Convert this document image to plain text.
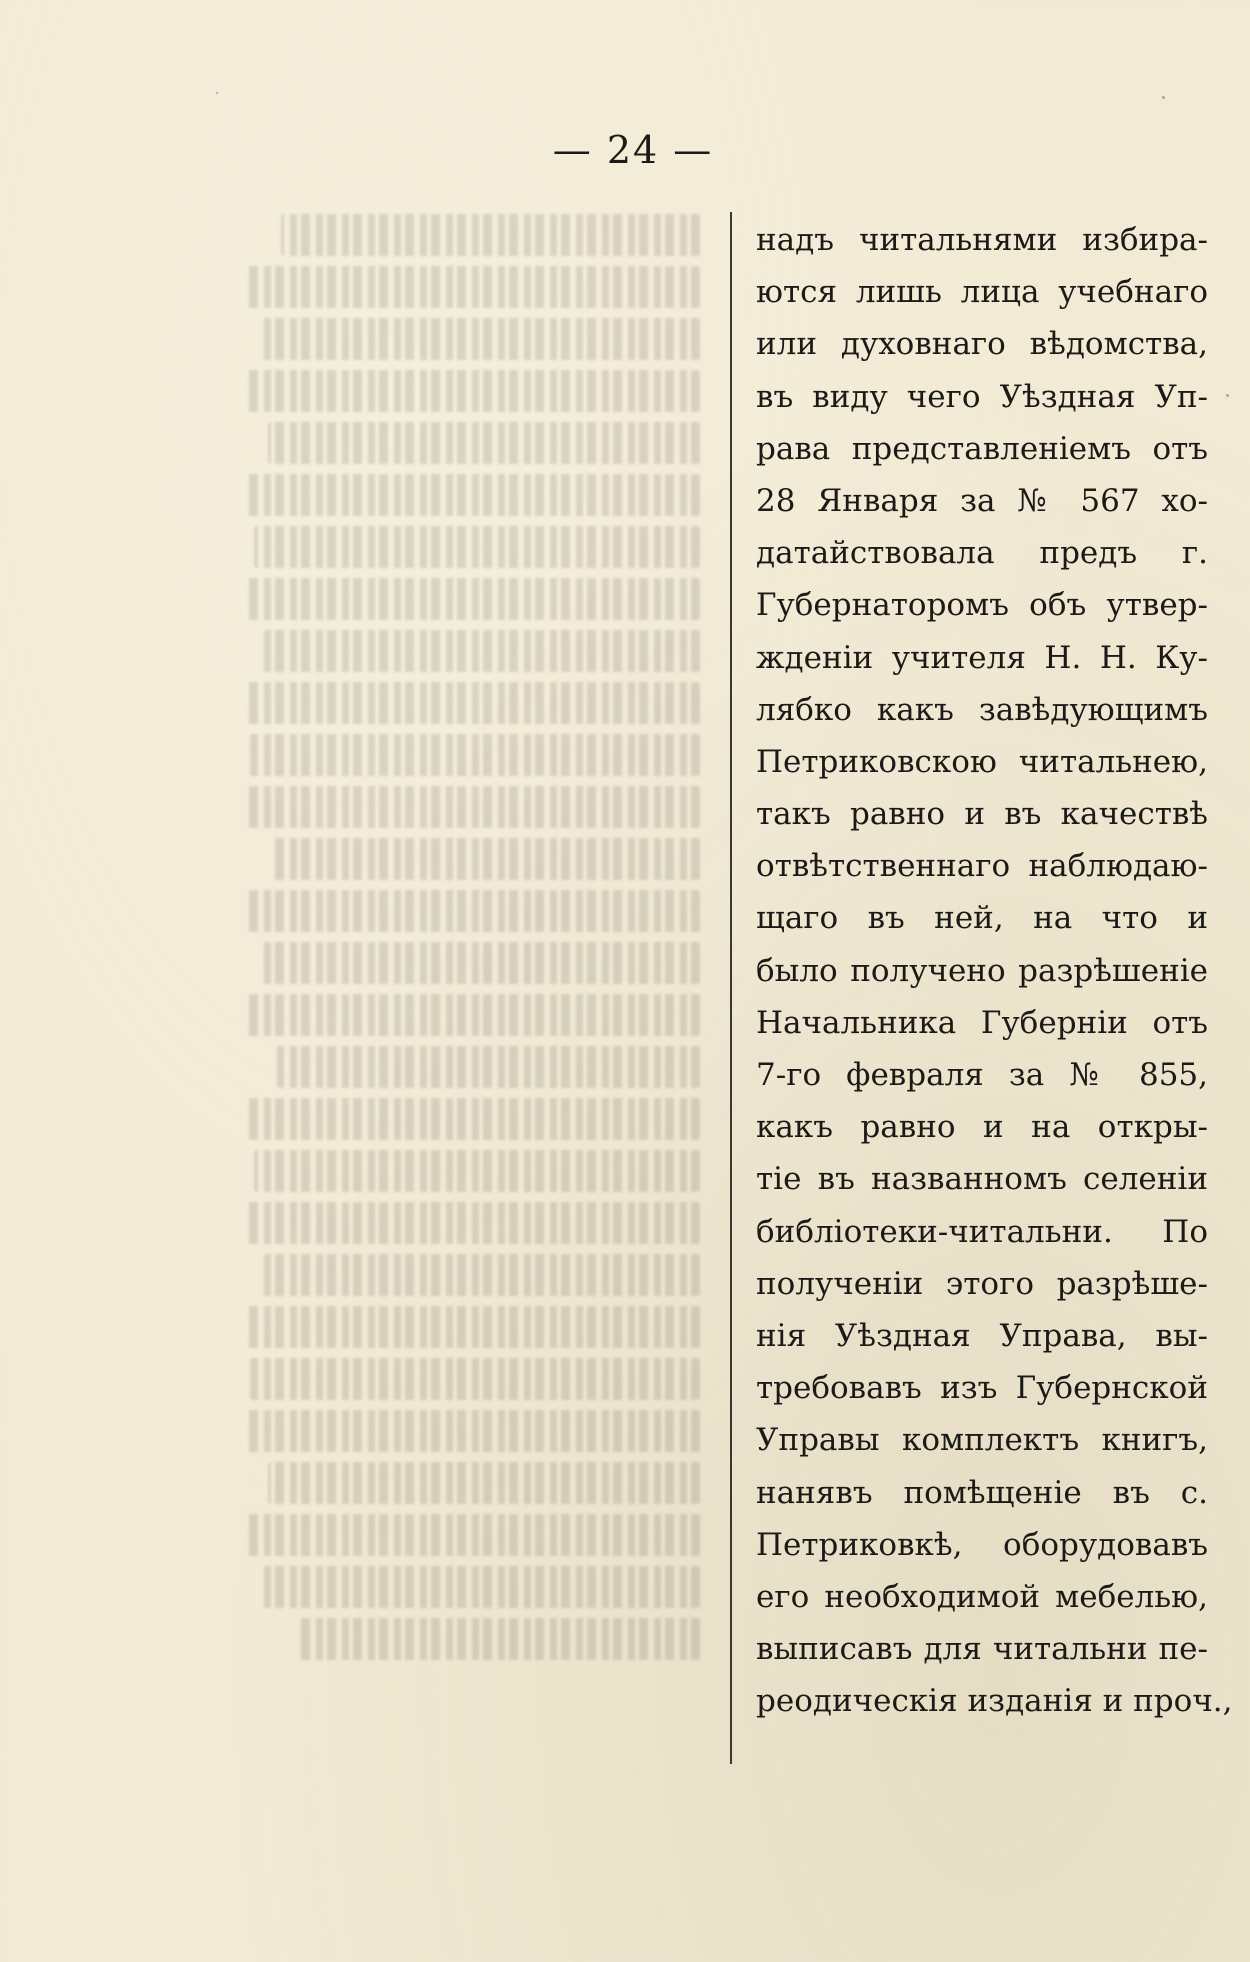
— 24 —
надъ читальнями избира-
ются лишь лица учебнаго
или духовнаго вѣдомства,
въ виду чего Уѣздная Уп-
рава представленіемъ отъ
28 Января за № 567 хо-
датайствовала предъ г.
Губернаторомъ объ утвер-
жденіи учителя Н. Н. Ку-
лябко какъ завѣдующимъ
Петриковскою читальнею,
такъ равно и въ качествѣ
отвѣтственнаго наблюдаю-
щаго въ ней, на что и
было получено разрѣшеніе
Начальника Губерніи отъ
7-го февраля за № 855,
какъ равно и на откры-
тіе въ названномъ селеніи
библіотеки-читальни. По
полученіи этого разрѣше-
нія Уѣздная Управа, вы-
требовавъ изъ Губернской
Управы комплектъ книгъ,
нанявъ помѣщеніе въ с.
Петриковкѣ, оборудовавъ
его необходимой мебелью,
выписавъ для читальни пе-
реодическія изданія и проч.,
